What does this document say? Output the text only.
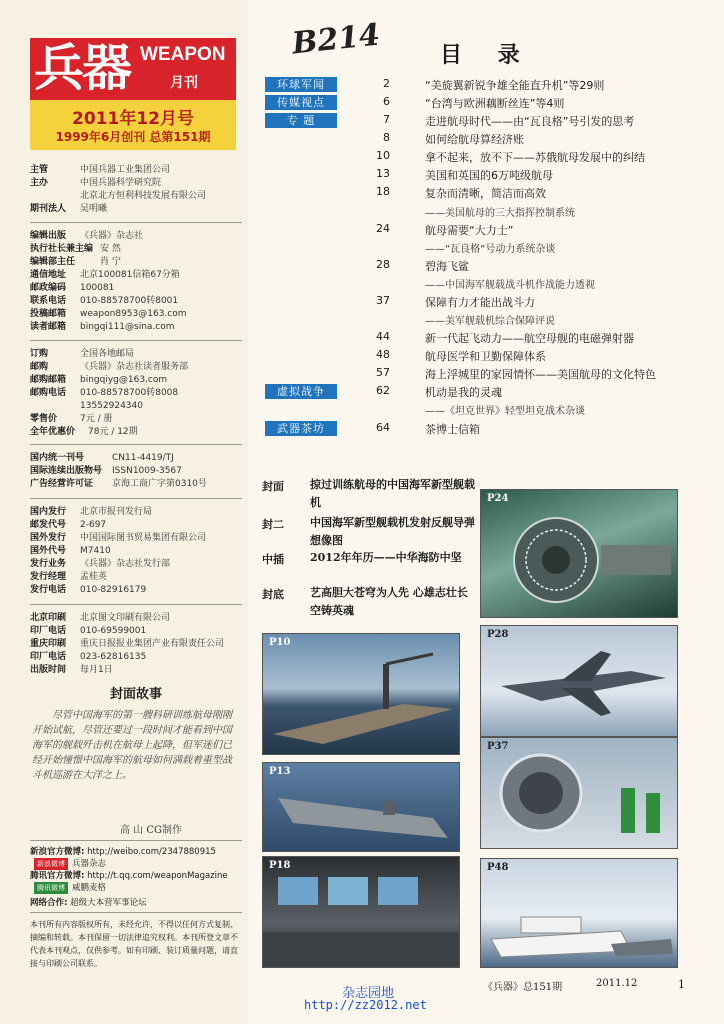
兵器 WEAPON
月刊
2011年12月号
1999年6月创刊 总第151期
主管	中国兵器工业集团公司
主办	中国兵器科学研究院
北京北方恒利科技发展有限公司
期刊法人	吴明曦
编辑出版	《兵器》杂志社
执行社长兼主编 安 然
编辑部主任	肖 宁
通信地址	北京100081信箱67分箱
邮政编码	100081
联系电话	010-88578700转8001
投稿邮箱	weapon8953@163.com
读者邮箱	bingqi111@sina.com
订购	全国各地邮局
邮购	《兵器》杂志社读者服务部
邮购邮箱	bingqiyg@163.com
邮购电话	010-88578700转8008
13552924340
零售价	7元 / 册
全年优惠价	78元 / 12期
国内统一刊号	CN11-4419/TJ
国际连续出版物号	ISSN1009-3567
广告经营许可证	京海工商广字第0310号
国内发行	北京市报刊发行局
邮发代号	2-697
国外发行	中国国际图书贸易集团有限公司
国外代号	M7410
发行业务	《兵器》杂志社发行部
发行经理	孟桂英
发行电话	010-82916179
北京印刷	北京图文印刷有限公司
印厂电话	010-69599001
重庆印刷	重庆日报报业集团产业有限责任公司
印厂电话	023-62816135
出版时间	每月1日
封面故事
尽管中国海军的第一艘科研训练航母刚刚开始试航，尽管还要过一段时间才能看到中国海军的舰载歼击机在航母上起降，但军迷们已经开始憧憬中国海军的航母如何满载着重型战斗机巡游在大洋之上。
高 山 CG制作
新浪官方微博: http://weibo.com/2347880915
新浪微博 兵器杂志
腾讯官方微博: http://t.qq.com/weaponMagazine
腾讯微博 威鹏麦格
网络合作: 超级大本营军事论坛
本刊所有内容版权所有，未经允许，不得以任何方式复制、摘编和转载。本刊保留一切法律追究权利。本刊所登文章不代表本刊观点，仅供参考。如有印刷、装订质量问题，请直接与印刷公司联系。
B214	目 录
环球军闻
传媒视点
专 题
虚拟战争
武器茶坊
2	“美旋翼新锐争雄全能直升机”等29则
6	“台湾与欧洲藕断丝连”等4则
7	走进航母时代——由“瓦良格”号引发的思考
8	如何给航母算经济账
10	拿不起来，放不下——苏俄航母发展中的纠结
13	美国和英国的6万吨级航母
18	复杂而清晰，简洁而高效
——美国航母的三大指挥控制系统
24	航母需要“大力士”
——“瓦良格”号动力系统杂谈
28	碧海飞鲨
——中国海军舰载战斗机作战能力透视
37	保障有力才能出战斗力
——美军舰载机综合保障评说
44	新一代起飞动力——航空母舰的电磁弹射器
48	航母医学和卫勤保障体系
57	海上浮城里的家园情怀——美国航母的文化特色
62	机动是我的灵魂
——《坦克世界》轻型坦克战术杂谈
64	茶博士信箱
封面 掠过训练航母的中国海军新型舰载机
封二 中国海军新型舰载机发射反舰导弹想像图
中插 2012年年历——中华海防中坚
封底 艺高胆大苍穹为人先 心雄志壮长空铸英魂
P24
P10
P28
P13
P37
P18	P48
《兵器》总151期	2011.12	1
杂志园地
http://zz2012.net
